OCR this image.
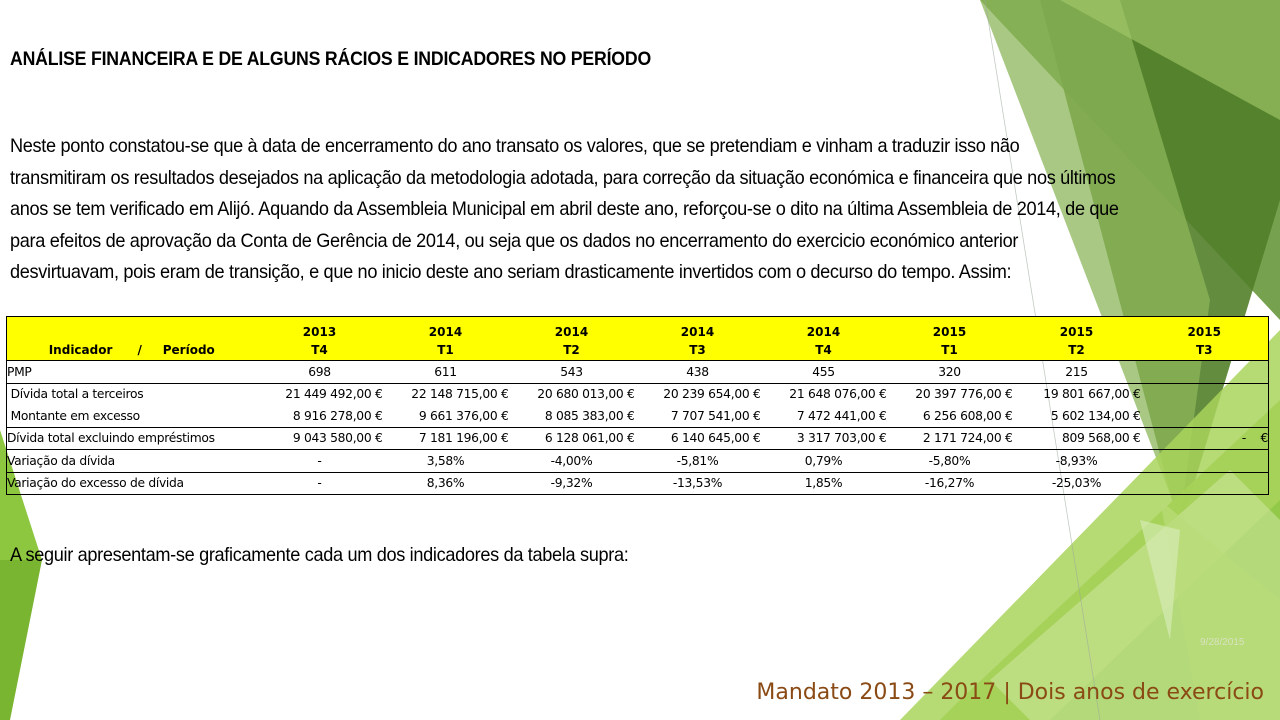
ANÁLISE FINANCEIRA E DE ALGUNS RÁCIOS E INDICADORES NO PERÍODO
Neste ponto constatou-se que à data de encerramento do ano transato os valores, que se pretendiam e vinham a traduzir isso não
transmitiram os resultados desejados na aplicação da metodologia adotada, para correção da situação económica e financeira que nos últimos
anos se tem verificado em Alijó. Aquando da Assembleia Municipal em abril deste ano, reforçou-se o dito na última Assembleia de 2014, de que
para efeitos de aprovação da Conta de Gerência de 2014, ou seja que os dados no encerramento do exercicio económico anterior
desvirtuavam, pois eram de transição, e que no inicio deste ano seriam drasticamente invertidos com o decurso do tempo. Assim:
	2013	2014	2014	2014	2014	2015	2015	2015
Indicador      /     Período	T4	T1	T2	T3	T4	T1	T2	T3
PMP	698	611	543	438	455	320	215	
Dívida total a terceiros	21 449 492,00 €	22 148 715,00 €	20 680 013,00 €	20 239 654,00 €	21 648 076,00 €	20 397 776,00 €	19 801 667,00 €	
Montante em excesso	8 916 278,00 €	9 661 376,00 €	8 085 383,00 €	7 707 541,00 €	7 472 441,00 €	6 256 608,00 €	5 602 134,00 €	
Dívida total excluindo empréstimos	9 043 580,00 €	7 181 196,00 €	6 128 061,00 €	6 140 645,00 €	3 317 703,00 €	2 171 724,00 €	809 568,00 €	-    €
Variação da dívida	-	3,58%	-4,00%	-5,81%	0,79%	-5,80%	-8,93%	
Variação do excesso de dívida	-	8,36%	-9,32%	-13,53%	1,85%	-16,27%	-25,03%	
A seguir apresentam-se graficamente cada um dos indicadores da tabela supra:
9/28/2015
Mandato 2013 – 2017 | Dois anos de exercício
